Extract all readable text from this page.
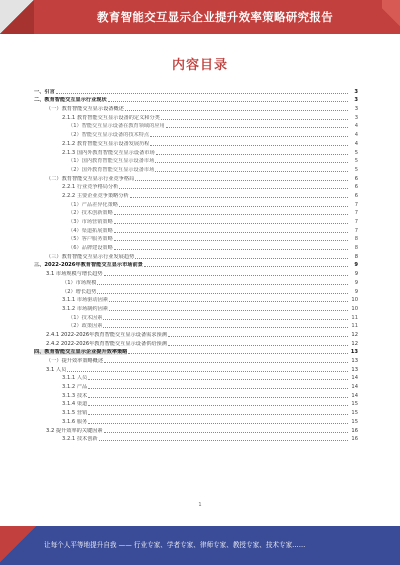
教育智能交互显示企业提升效率策略研究报告
内容目录
一、引言	3
二、教育智能交互显示行业现状	3
（一）教育智能交互显示设备概述	3
2.1.1 教育智能交互显示设备的定义和分类	3
（1）智能交互显示设备在教育领域的应用	4
（2）智能交互显示设备的技术特点	4
2.1.2 教育智能交互显示设备发展历程	4
2.1.3 国内外教育智能交互显示设备市场	5
（1）国内教育智能交互显示设备市场	5
（2）国外教育智能交互显示设备市场	5
（二）教育智能交互显示行业竞争格局	6
2.2.1 行业竞争格局分析	6
2.2.2 主要企业竞争策略分析	6
（1）产品差异化策略	7
（2）技术创新策略	7
（3）市场营销策略	7
（4）渠道拓展策略	7
（5）客户服务策略	8
（6）品牌建设策略	8
（三）教育智能交互显示行业发展趋势	8
三、2022-2026年教育智能交互显示市场前景	9
3.1 市场规模与增长趋势	9
（1）市场规模	9
（2）增长趋势	9
3.1.1 市场驱动因素	10
3.1.2 市场制约因素	10
（1）技术因素	11
（2）政策因素	11
2.4.1 2022-2026年教育智能交互显示设备需求预测	12
2.4.2 2022-2026年教育智能交互显示设备供给预测	12
四、教育智能交互显示企业提升效率策略	13
（一）提升效率策略概述	13
3.1 人员	13
3.1.1 人员	14
3.1.2 产品	14
3.1.3 技术	14
3.1.4 渠道	15
3.1.5 营销	15
3.1.6 服务	15
3.2 提升效率的关键因素	16
3.2.1 技术创新	16
1
让每个人平等地提升自我 —— 行业专家、学者专家、律师专家、教授专家、技术专家……
